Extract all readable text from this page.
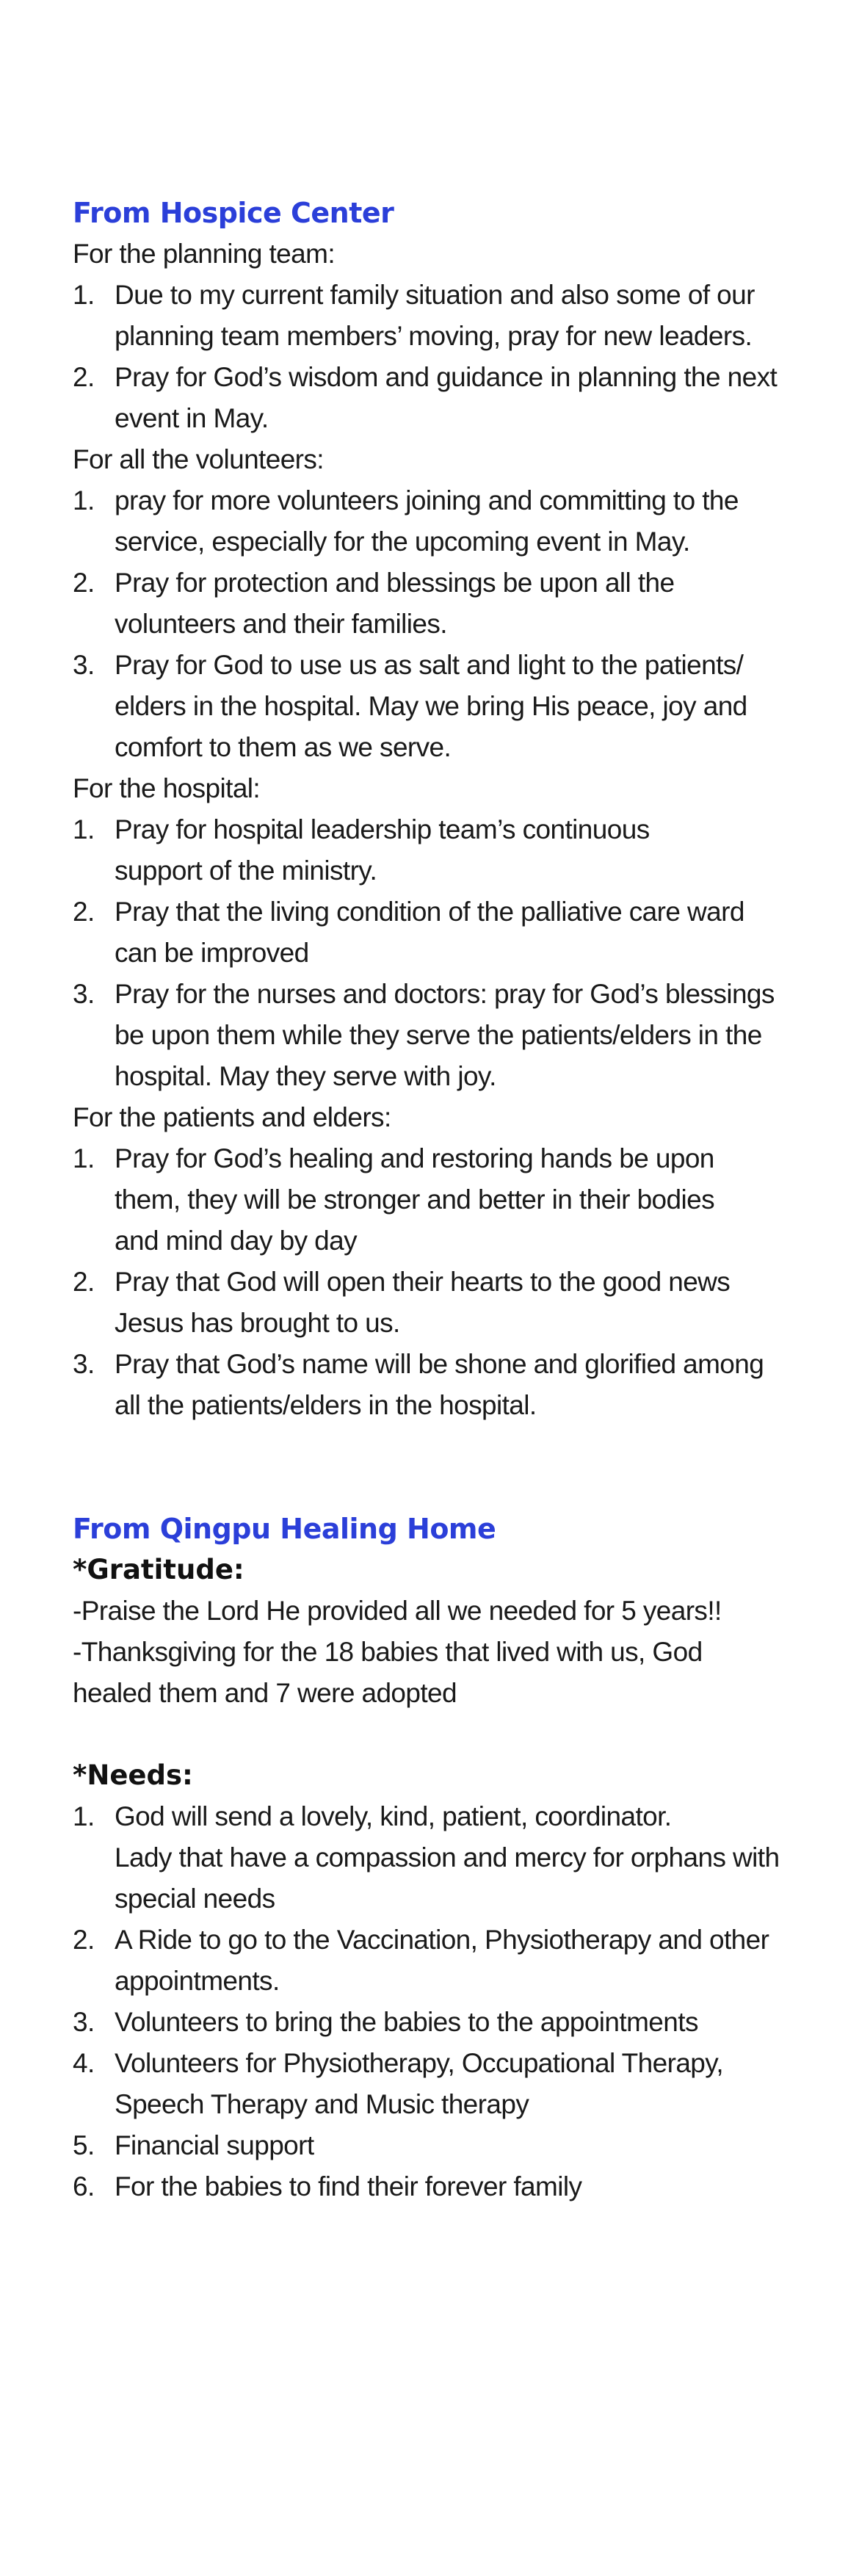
From Hospice Center
For the planning team:
1. Due to my current family situation and also some of our
planning team members’ moving, pray for new leaders.
2. Pray for God’s wisdom and guidance in planning the next
event in May.
For all the volunteers:
1. pray for more volunteers joining and committing to the
service, especially for the upcoming event in May.
2. Pray for protection and blessings be upon all the
volunteers and their families.
3. Pray for God to use us as salt and light to the patients/
elders in the hospital. May we bring His peace, joy and
comfort to them as we serve.
For the hospital:
1. Pray for hospital leadership team’s continuous
support of the ministry.
2. Pray that the living condition of the palliative care ward
can be improved
3. Pray for the nurses and doctors: pray for God’s blessings
be upon them while they serve the patients/elders in the
hospital. May they serve with joy.
For the patients and elders:
1. Pray for God’s healing and restoring hands be upon
them, they will be stronger and better in their bodies
and mind day by day
2. Pray that God will open their hearts to the good news
Jesus has brought to us.
3. Pray that God’s name will be shone and glorified among
all the patients/elders in the hospital.
From Qingpu Healing Home
*Gratitude:
-Praise the Lord He provided all we needed for 5 years!!
-Thanksgiving for the 18 babies that lived with us, God
healed them and 7 were adopted
*Needs:
1. God will send a lovely, kind, patient, coordinator.
Lady that have a compassion and mercy for orphans with
special needs
2. A Ride to go to the Vaccination, Physiotherapy and other
appointments.
3. Volunteers to bring the babies to the appointments
4. Volunteers for Physiotherapy, Occupational Therapy,
Speech Therapy and Music therapy
5. Financial support
6. For the babies to find their forever family
